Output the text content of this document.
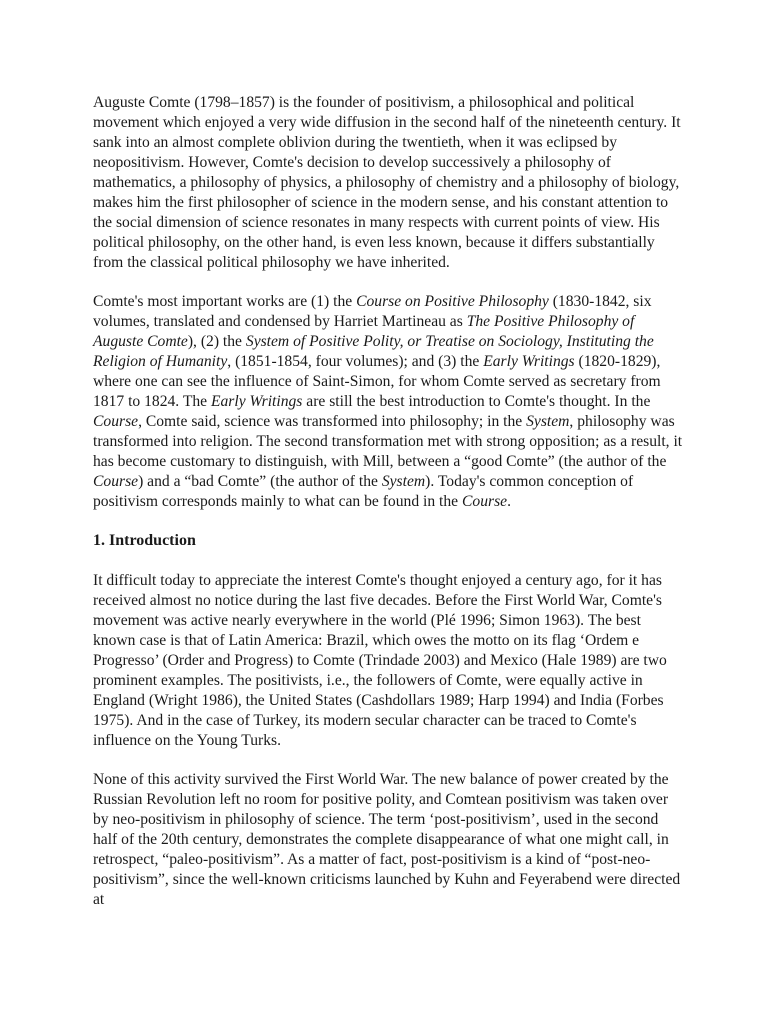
Auguste Comte (1798–1857) is the founder of positivism, a philosophical and political movement which enjoyed a very wide diffusion in the second half of the nineteenth century. It sank into an almost complete oblivion during the twentieth, when it was eclipsed by neopositivism. However, Comte's decision to develop successively a philosophy of mathematics, a philosophy of physics, a philosophy of chemistry and a philosophy of biology, makes him the first philosopher of science in the modern sense, and his constant attention to the social dimension of science resonates in many respects with current points of view. His political philosophy, on the other hand, is even less known, because it differs substantially from the classical political philosophy we have inherited.

Comte's most important works are (1) the Course on Positive Philosophy (1830-1842, six volumes, translated and condensed by Harriet Martineau as The Positive Philosophy of Auguste Comte), (2) the System of Positive Polity, or Treatise on Sociology, Instituting the Religion of Humanity, (1851-1854, four volumes); and (3) the Early Writings (1820-1829), where one can see the influence of Saint-Simon, for whom Comte served as secretary from 1817 to 1824. The Early Writings are still the best introduction to Comte's thought. In the Course, Comte said, science was transformed into philosophy; in the System, philosophy was transformed into religion. The second transformation met with strong opposition; as a result, it has become customary to distinguish, with Mill, between a “good Comte” (the author of the Course) and a “bad Comte” (the author of the System). Today's common conception of positivism corresponds mainly to what can be found in the Course.

1. Introduction

It difficult today to appreciate the interest Comte's thought enjoyed a century ago, for it has received almost no notice during the last five decades. Before the First World War, Comte's movement was active nearly everywhere in the world (Plé 1996; Simon 1963). The best known case is that of Latin America: Brazil, which owes the motto on its flag ‘Ordem e Progresso’ (Order and Progress) to Comte (Trindade 2003) and Mexico (Hale 1989) are two prominent examples. The positivists, i.e., the followers of Comte, were equally active in England (Wright 1986), the United States (Cashdollars 1989; Harp 1994) and India (Forbes 1975). And in the case of Turkey, its modern secular character can be traced to Comte's influence on the Young Turks.

None of this activity survived the First World War. The new balance of power created by the Russian Revolution left no room for positive polity, and Comtean positivism was taken over by neo-positivism in philosophy of science. The term ‘post-positivism’, used in the second half of the 20th century, demonstrates the complete disappearance of what one might call, in retrospect, “paleo-positivism”. As a matter of fact, post-positivism is a kind of “post-neo-positivism”, since the well-known criticisms launched by Kuhn and Feyerabend were directed at
